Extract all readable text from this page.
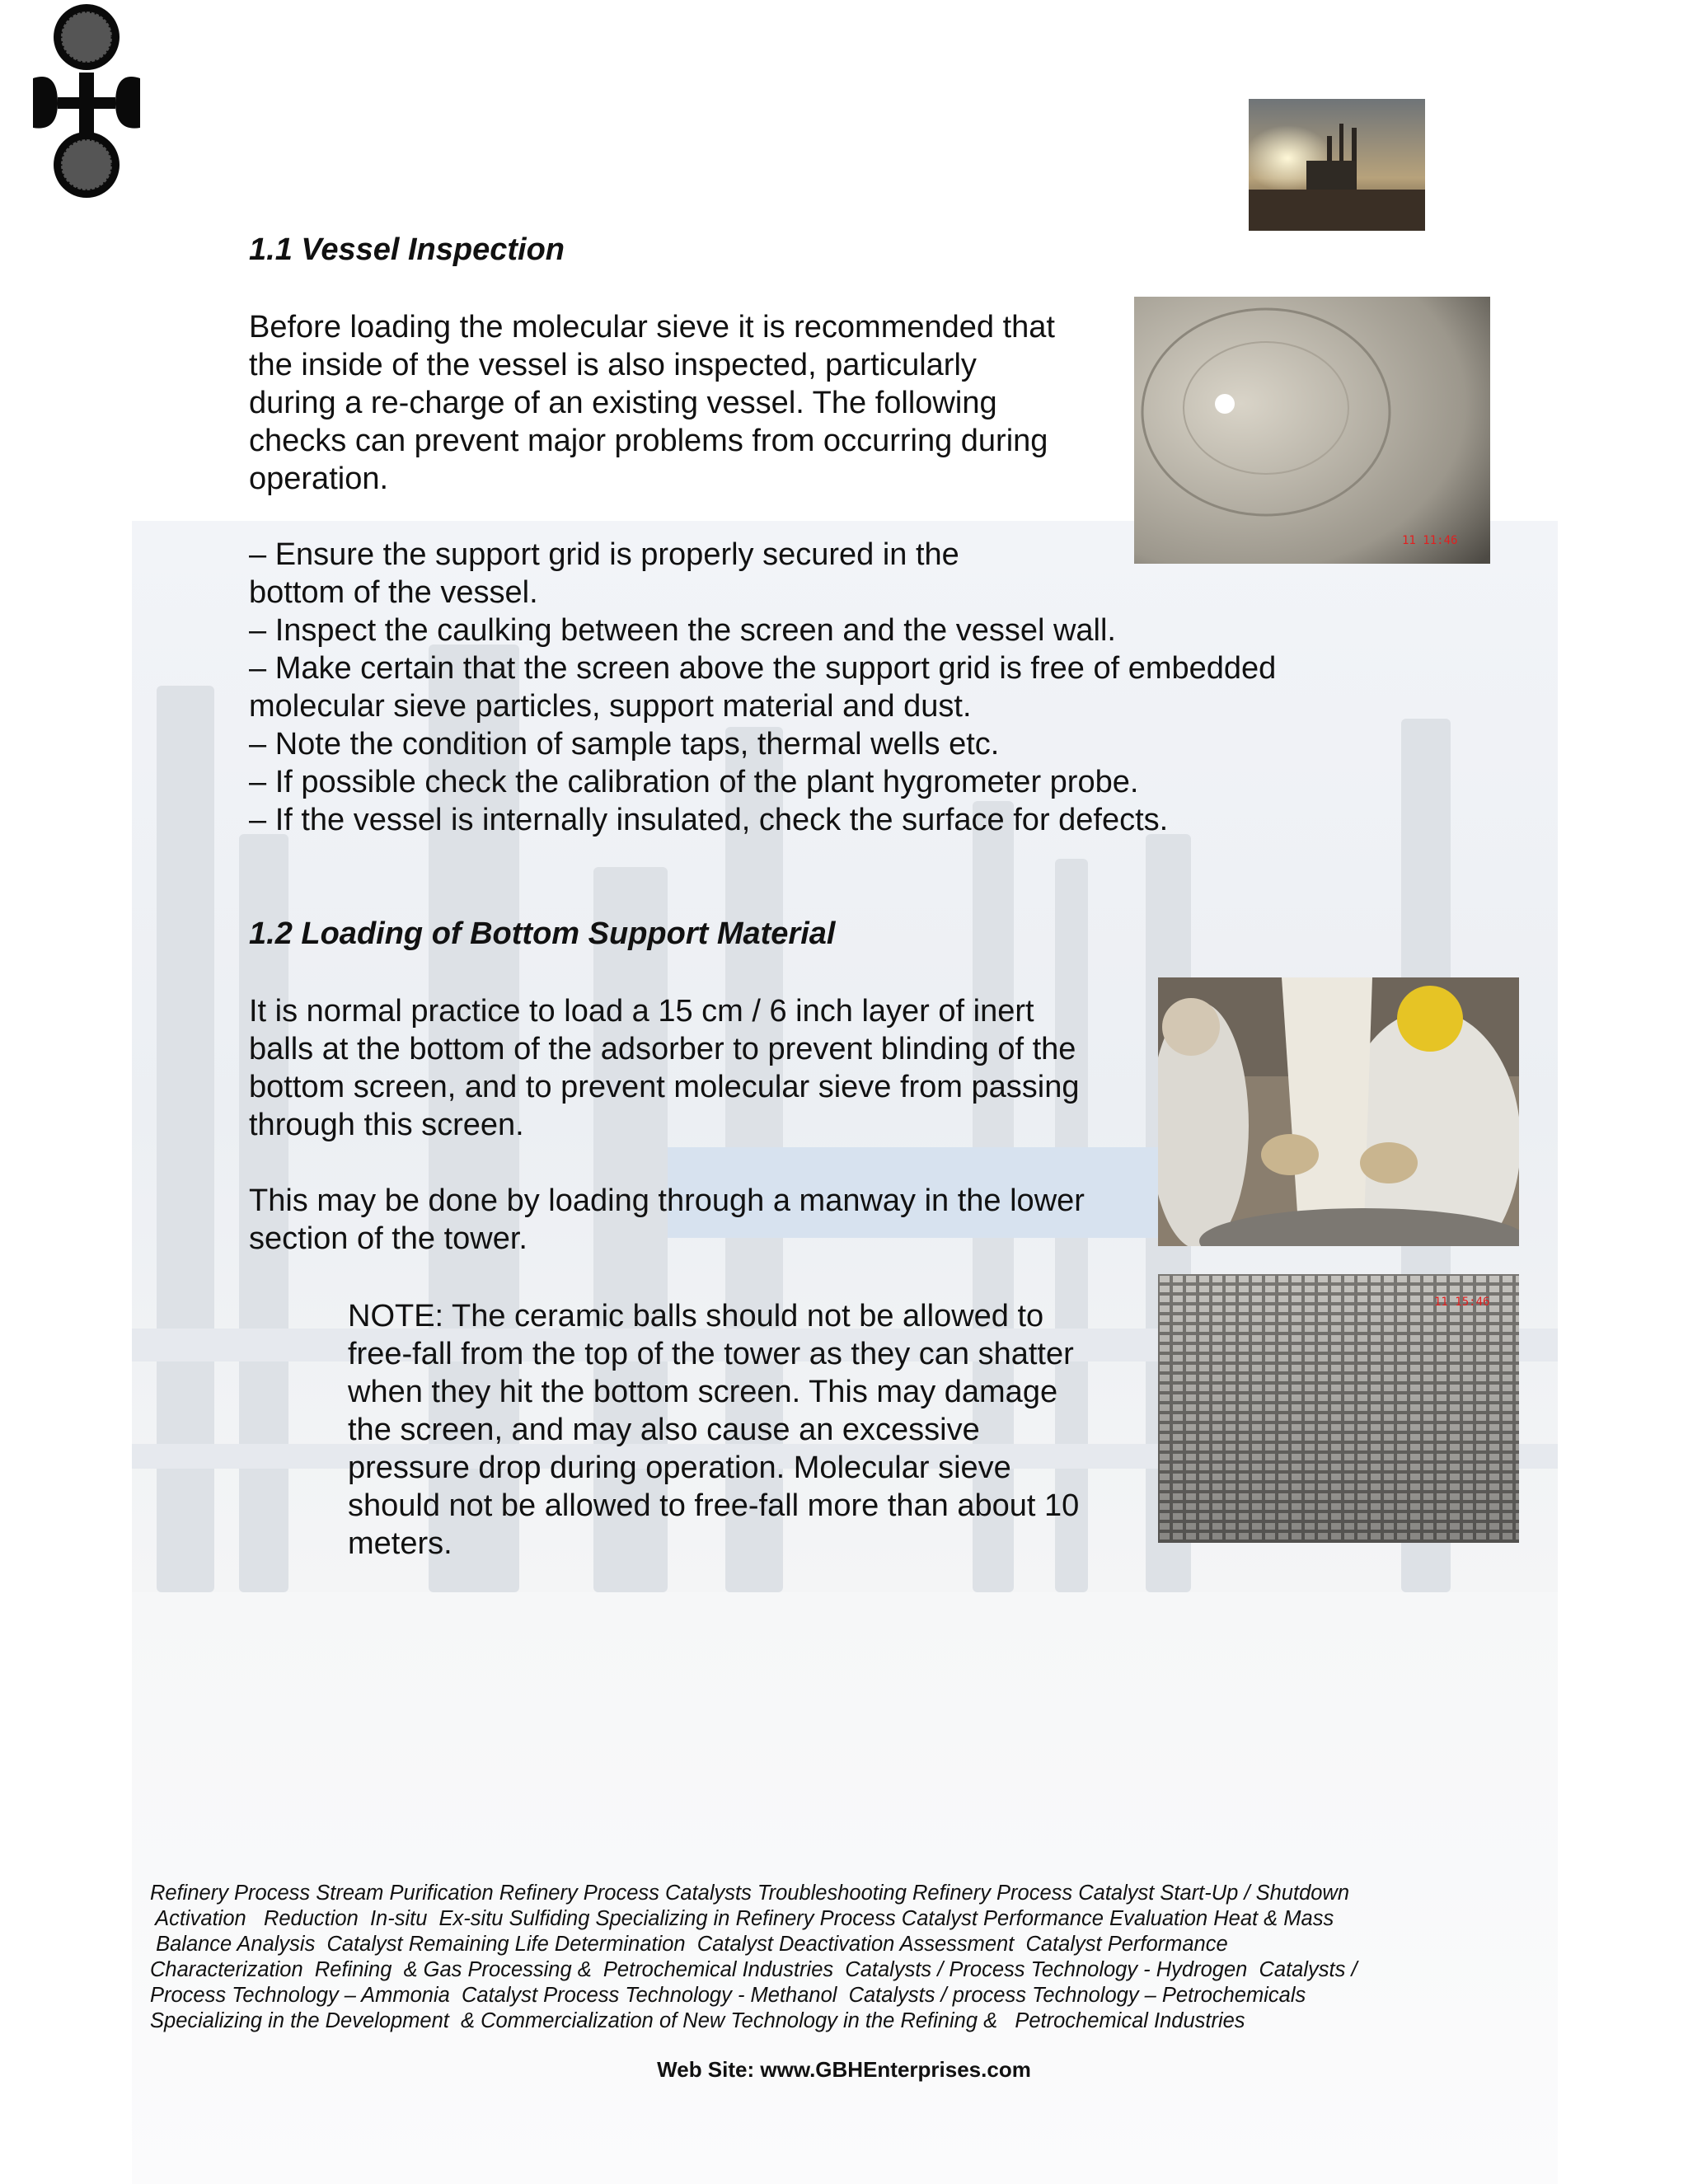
1.1 Vessel Inspection
11 11:46
Before loading the molecular sieve it is recommended that
the inside of the vessel is also inspected, particularly
during a re-charge of an existing vessel. The following
checks can prevent major problems from occurring during
operation.
– Ensure the support grid is properly secured in the
bottom of the vessel.
– Inspect the caulking between the screen and the vessel wall.
– Make certain that the screen above the support grid is free of embedded
molecular sieve particles, support material and dust.
– Note the condition of sample taps, thermal wells etc.
– If possible check the calibration of the plant hygrometer probe.
– If the vessel is internally insulated, check the surface for defects.
1.2 Loading of Bottom Support Material
It is normal practice to load a 15 cm / 6 inch layer of inert
balls at the bottom of the adsorber to prevent blinding of the
bottom screen, and to prevent molecular sieve from passing
through this screen.
This may be done by loading through a manway in the lower
section of the tower.
11 15:46
NOTE: The ceramic balls should not be allowed to
free-fall from the top of the tower as they can shatter
when they hit the bottom screen. This may damage
the screen, and may also cause an excessive
pressure drop during operation. Molecular sieve
should not be allowed to free-fall more than about 10
meters.
Refinery Process Stream Purification Refinery Process Catalysts Troubleshooting Refinery Process Catalyst Start-Up / Shutdown
Activation   Reduction  In-situ  Ex-situ Sulfiding Specializing in Refinery Process Catalyst Performance Evaluation Heat & Mass
Balance Analysis  Catalyst Remaining Life Determination  Catalyst Deactivation Assessment  Catalyst Performance
Characterization  Refining  & Gas Processing &  Petrochemical Industries  Catalysts / Process Technology - Hydrogen  Catalysts /
Process Technology – Ammonia  Catalyst Process Technology - Methanol  Catalysts / process Technology – Petrochemicals
Specializing in the Development  & Commercialization of New Technology in the Refining &   Petrochemical Industries
Web Site: www.GBHEnterprises.com
